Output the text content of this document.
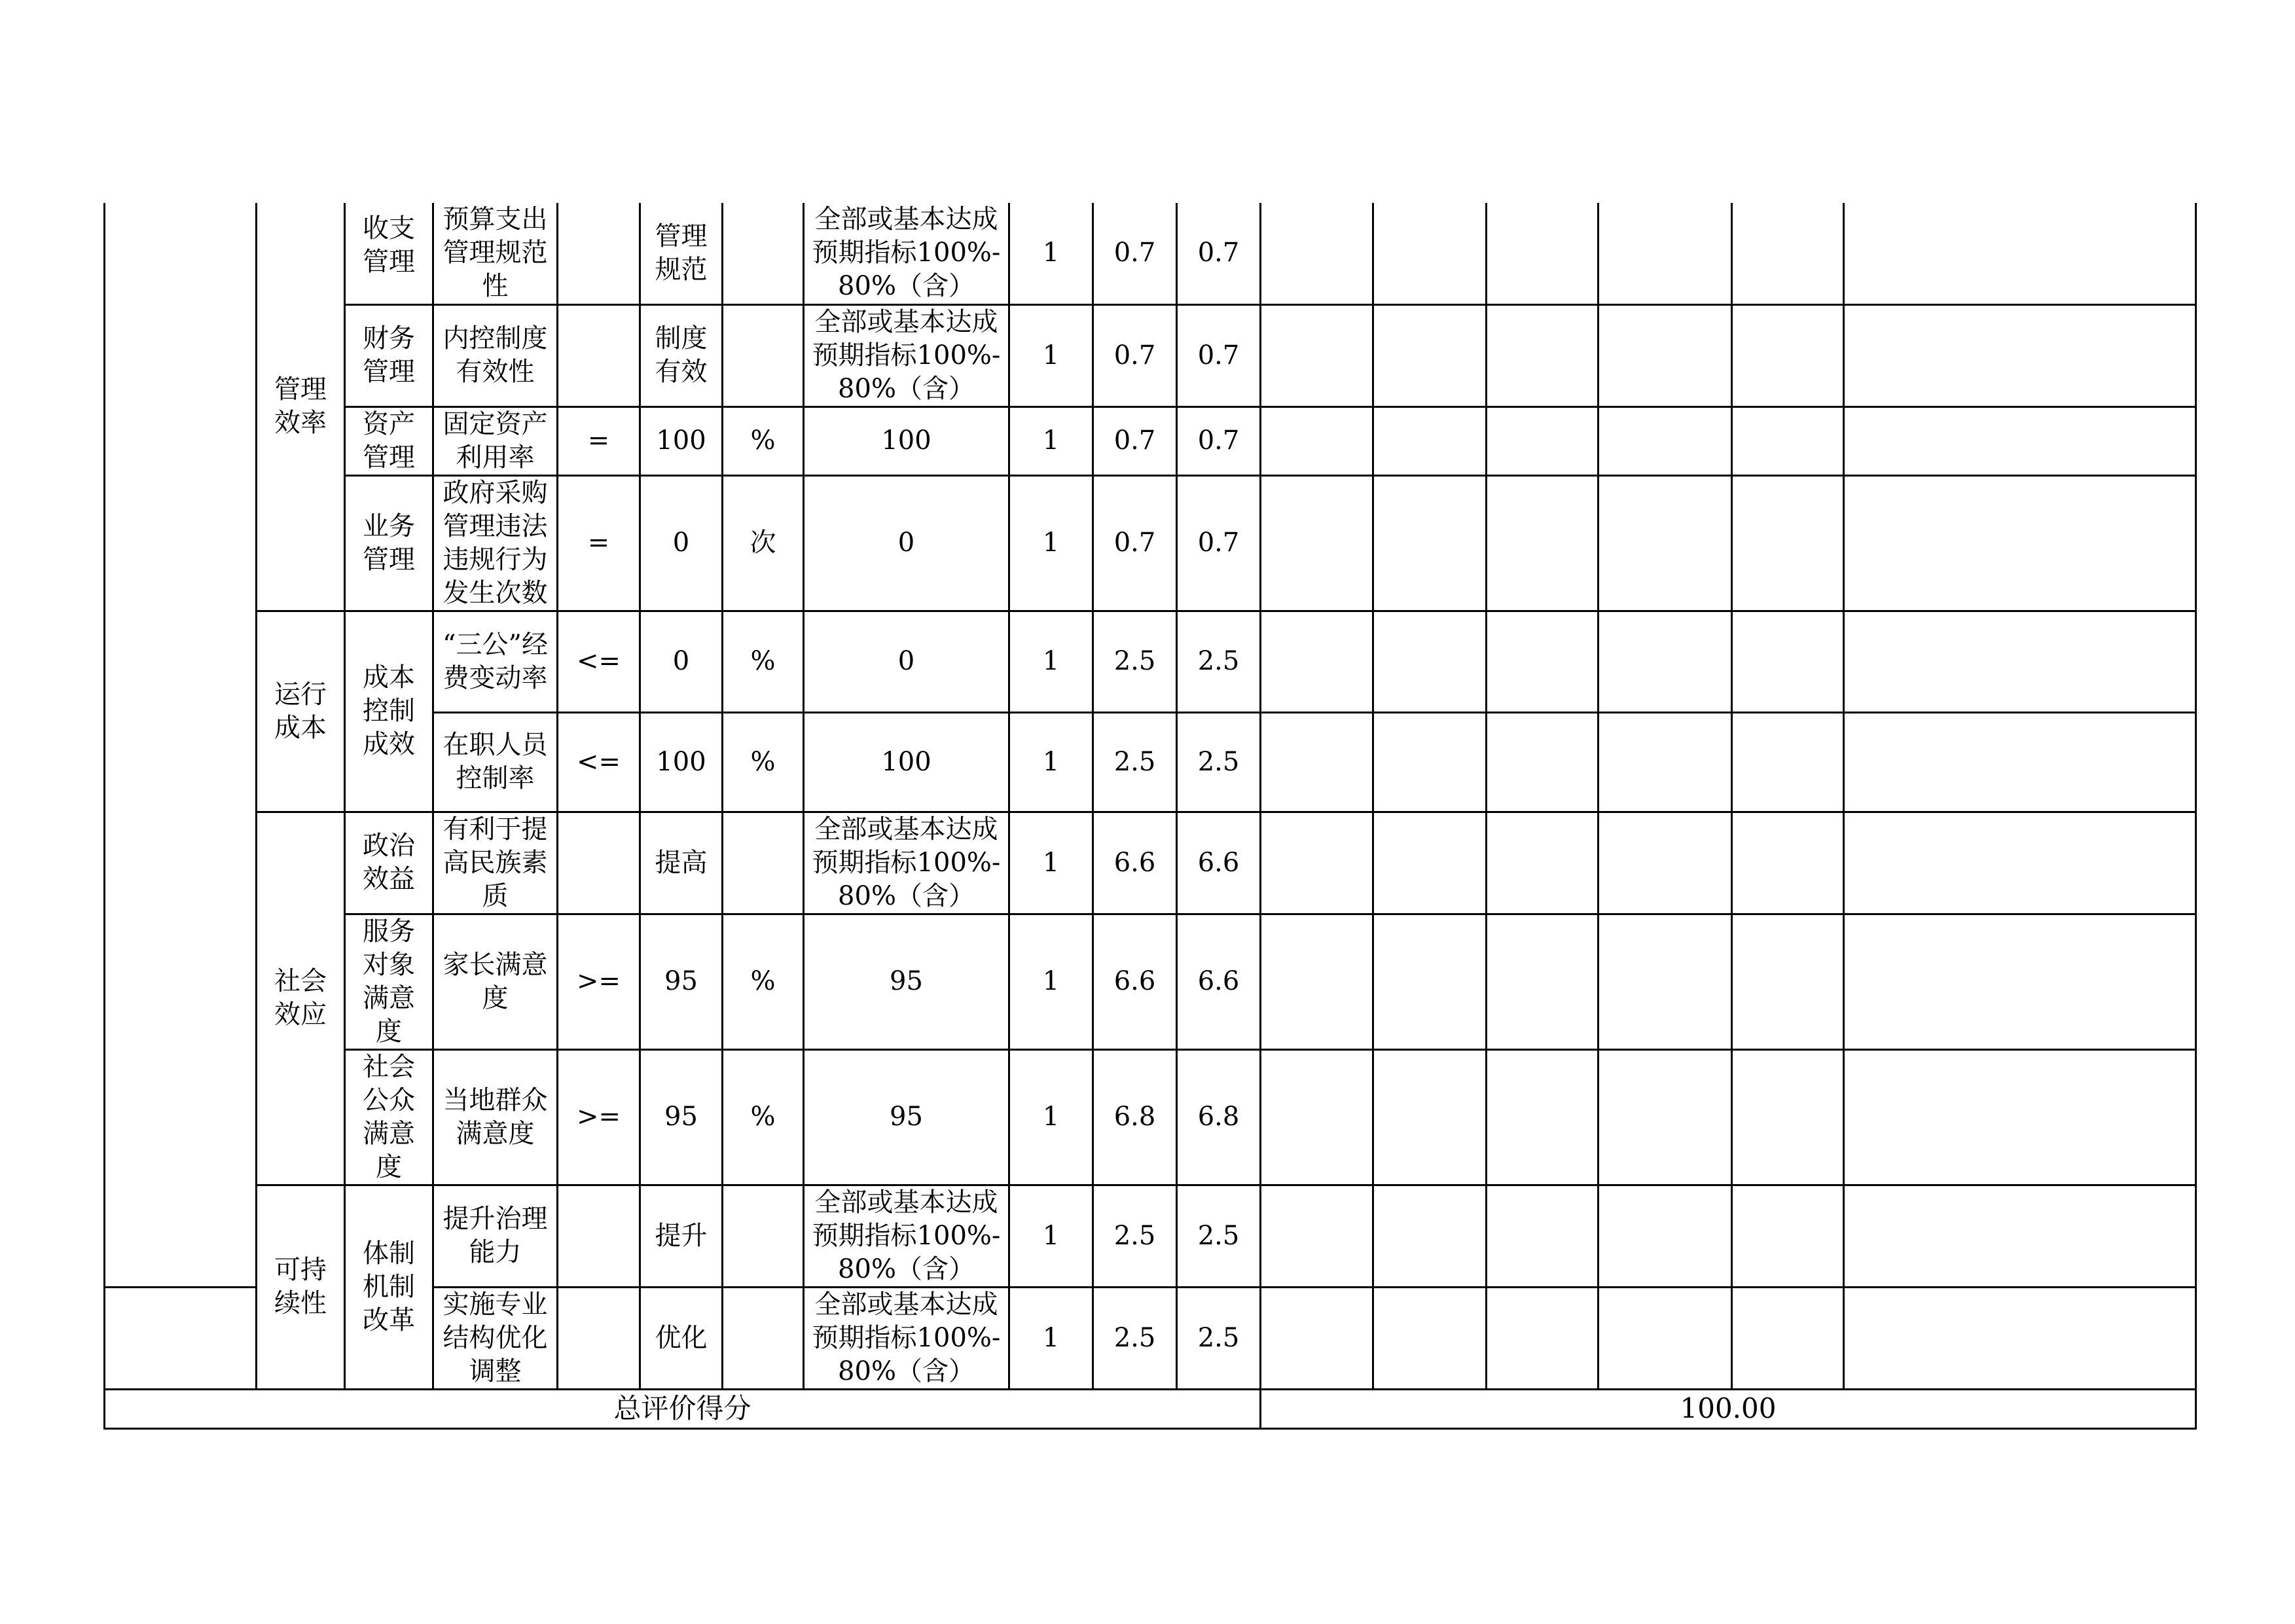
	管理效率	收支管理	预算支出管理规范性		管理规范		全部或基本达成预期指标100%-80%（含）	1	0.7	0.7						
		财务管理	内控制度有效性		制度有效		全部或基本达成预期指标100%-80%（含）	1	0.7	0.7						
		资产管理	固定资产利用率	=	100	%	100	1	0.7	0.7						
		业务管理	政府采购管理违法违规行为发生次数	=	0	次	0	1	0.7	0.7						
	运行成本	成本控制成效	“三公”经费变动率	<=	0	%	0	1	2.5	2.5						
			在职人员控制率	<=	100	%	100	1	2.5	2.5						
	社会效应	政治效益	有利于提高民族素质		提高		全部或基本达成预期指标100%-80%（含）	1	6.6	6.6						
		服务对象满意度	家长满意度	>=	95	%	95	1	6.6	6.6						
		社会公众满意度	当地群众满意度	>=	95	%	95	1	6.8	6.8						
	可持续性	体制机制改革	提升治理能力		提升		全部或基本达成预期指标100%-80%（含）	1	2.5	2.5						
			实施专业结构优化调整		优化		全部或基本达成预期指标100%-80%（含）	1	2.5	2.5						
总评价得分											100.00					
